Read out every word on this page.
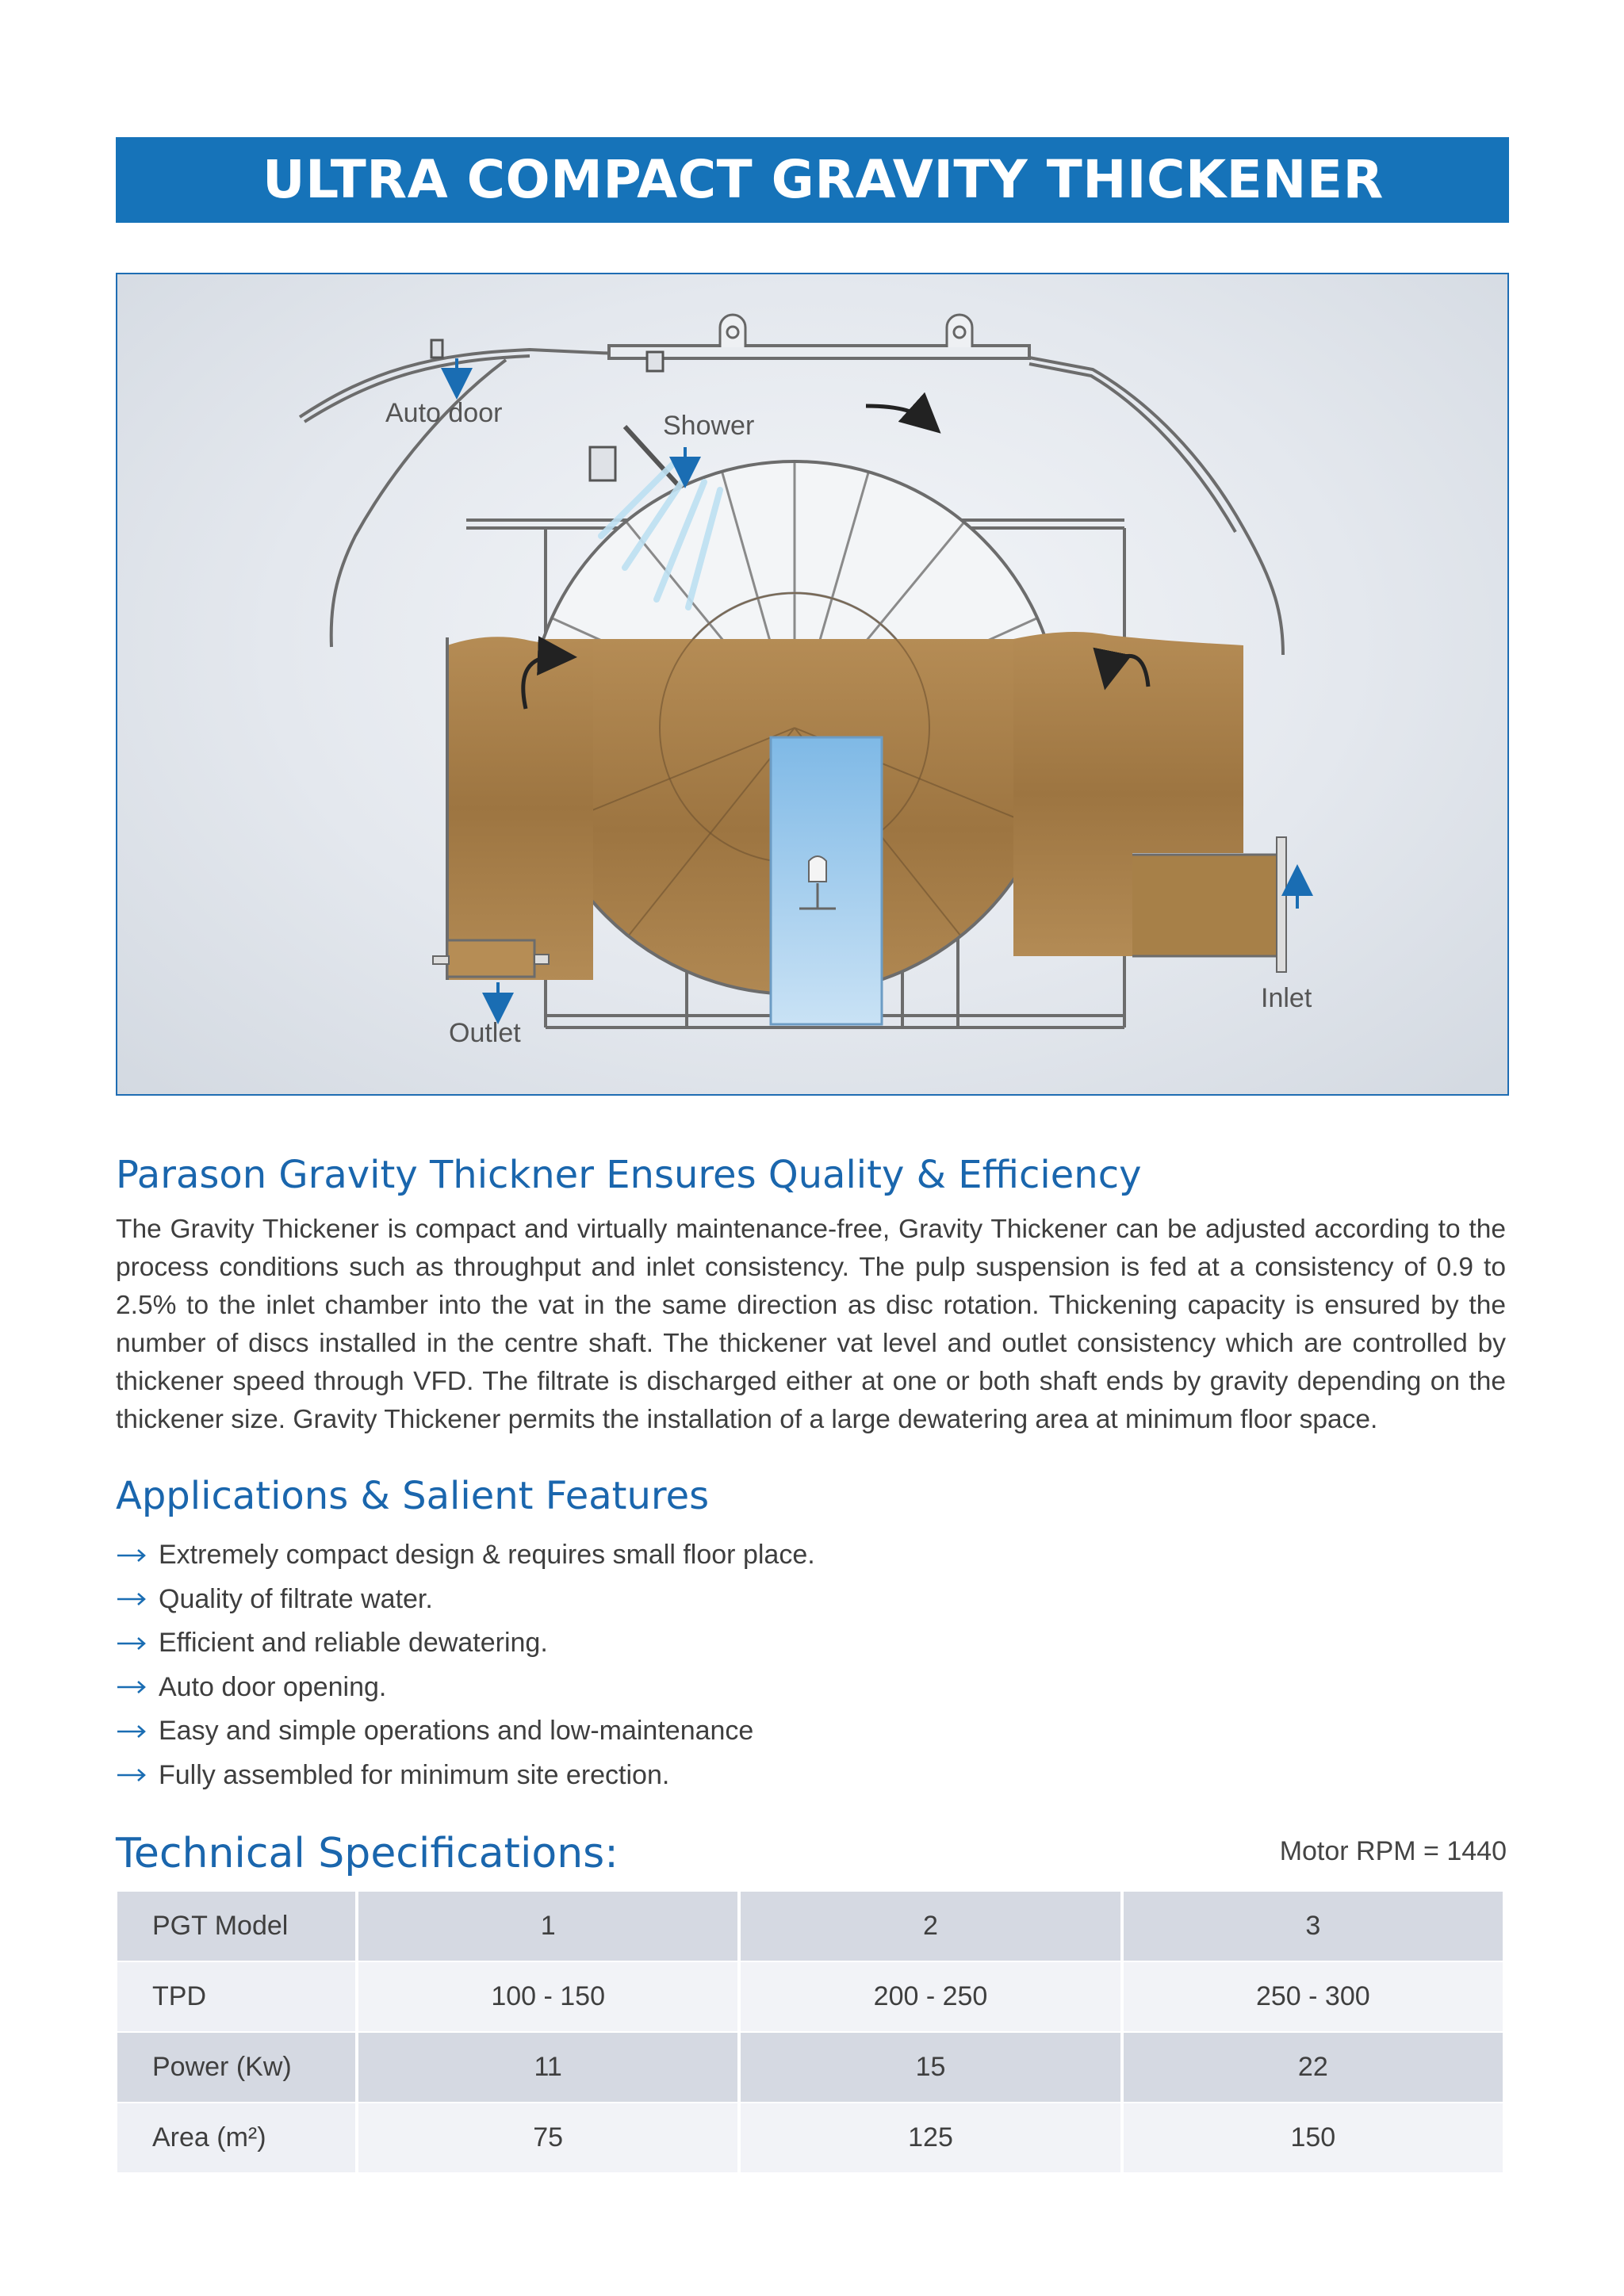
ULTRA COMPACT GRAVITY THICKENER
Auto door	Shower
Outlet
Inlet
Parason Gravity Thickner Ensures Quality & Efficiency

The Gravity Thickener is compact and virtually maintenance-free, Gravity Thickener can be adjusted according to the process conditions such as throughput and inlet consistency. The pulp suspension is fed at a consistency of 0.9 to 2.5% to the inlet chamber into the vat in the same direction as disc rotation. Thickening capacity is ensured by the number of discs installed in the centre shaft. The thickener vat level and outlet consistency which are controlled by thickener speed through VFD. The filtrate is discharged either at one or both shaft ends by gravity depending on the thickener size. Gravity Thickener permits the installation of a large dewatering area at minimum floor space.

Applications & Salient Features
Extremely compact design & requires small floor place.
Quality of filtrate water.
Efficient and reliable dewatering.
Auto door opening.
Easy and simple operations and low-maintenance
Fully assembled for minimum site erection.
Technical Specifications:	Motor RPM = 1440
PGT Model	1	2	3
TPD	100 - 150	200 - 250	250 - 300
Power (Kw)	11	15	22
Area (m²)	75	125	150
